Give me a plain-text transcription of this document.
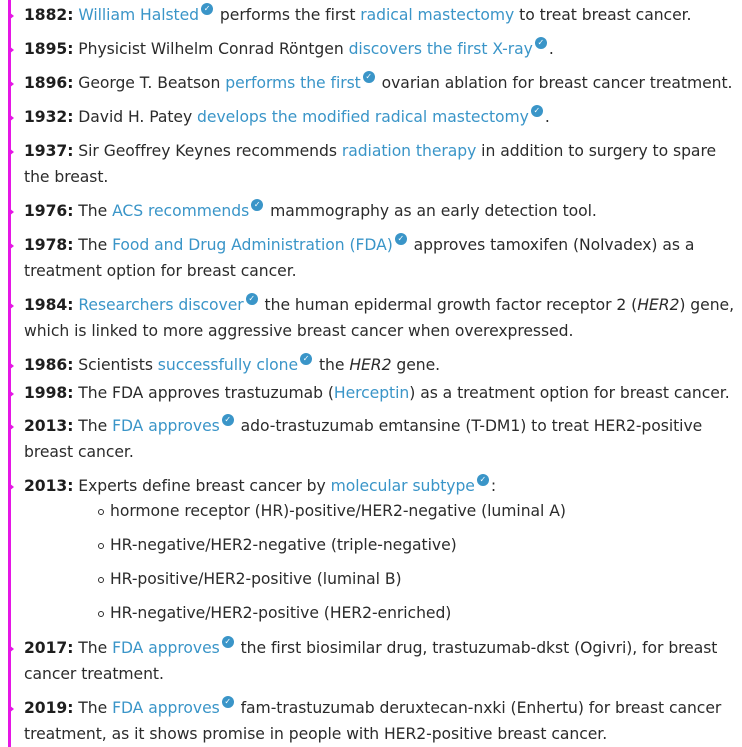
1882: William Halsted ✓ performs the first radical mastectomy to treat breast cancer.
1895: Physicist Wilhelm Conrad Röntgen discovers the first X-ray ✓ .
1896: George T. Beatson performs the first ✓ ovarian ablation for breast cancer treatment.
1932: David H. Patey develops the modified radical mastectomy ✓ .
1937: Sir Geoffrey Keynes recommends radiation therapy in addition to surgery to spare
the breast.
1976: The ACS recommends ✓ mammography as an early detection tool.
1978: The Food and Drug Administration (FDA) ✓ approves tamoxifen (Nolvadex) as a
treatment option for breast cancer.
1984: Researchers discover ✓ the human epidermal growth factor receptor 2 (HER2) gene,
which is linked to more aggressive breast cancer when overexpressed.
1986: Scientists successfully clone ✓ the HER2 gene.
1998: The FDA approves trastuzumab (Herceptin) as a treatment option for breast cancer.
2013: The FDA approves ✓ ado-trastuzumab emtansine (T-DM1) to treat HER2-positive
breast cancer.
2013: Experts define breast cancer by molecular subtype ✓ :
hormone receptor (HR)-positive/HER2-negative (luminal A)
HR-negative/HER2-negative (triple-negative)
HR-positive/HER2-positive (luminal B)
HR-negative/HER2-positive (HER2-enriched)
2017: The FDA approves ✓ the first biosimilar drug, trastuzumab-dkst (Ogivri), for breast
cancer treatment.
2019: The FDA approves ✓ fam-trastuzumab deruxtecan-nxki (Enhertu) for breast cancer
treatment, as it shows promise in people with HER2-positive breast cancer.
